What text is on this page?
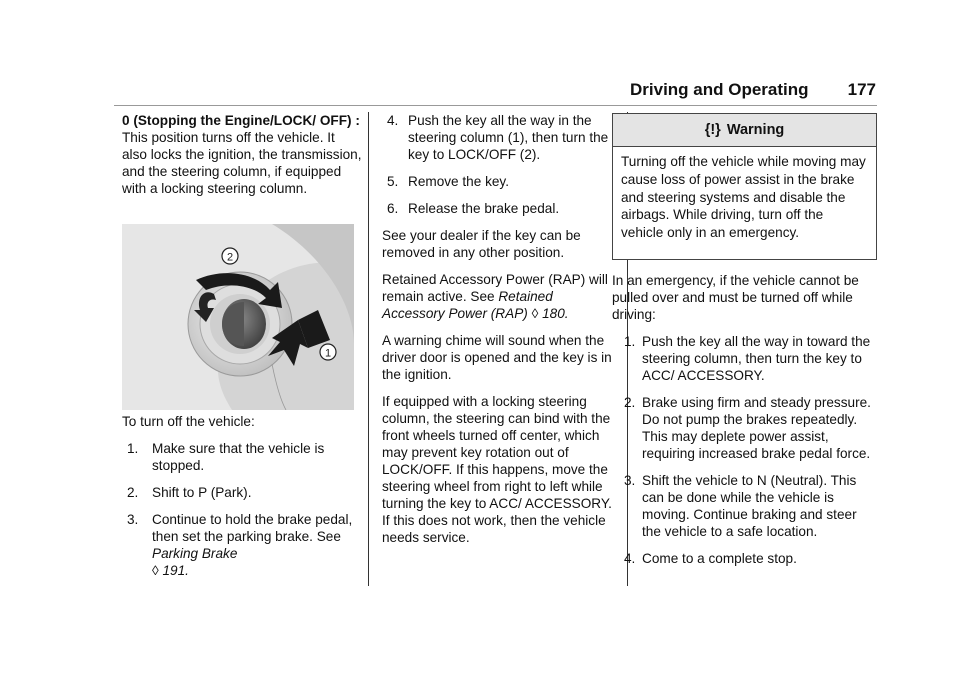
Driving and Operating 177

0 (Stopping the Engine/LOCK/ OFF) : This position turns off the vehicle. It also locks the ignition, the transmission, and the steering column, if equipped with a locking steering column.

2
1

To turn off the vehicle:

1. Make sure that the vehicle is stopped.
2. Shift to P (Park).
3. Continue to hold the brake pedal, then set the parking brake. See Parking Brake
◊ 191.
4. Push the key all the way in the steering column (1), then turn the key to LOCK/OFF (2).
5. Remove the key.
6. Release the brake pedal.

See your dealer if the key can be removed in any other position.

Retained Accessory Power (RAP) will remain active. See Retained Accessory Power (RAP) ◊ 180.

A warning chime will sound when the driver door is opened and the key is in the ignition.

If equipped with a locking steering column, the steering can bind with the front wheels turned off center, which may prevent key rotation out of LOCK/OFF. If this happens, move the steering wheel from right to left while turning the key to ACC/ ACCESSORY. If this does not work, then the vehicle needs service.

{!} Warning
Turning off the vehicle while moving may cause loss of power assist in the brake and steering systems and disable the airbags. While driving, turn off the vehicle only in an emergency.

In an emergency, if the vehicle cannot be pulled over and must be turned off while driving:

1. Push the key all the way in toward the steering column, then turn the key to ACC/ ACCESSORY.
2. Brake using firm and steady pressure. Do not pump the brakes repeatedly. This may deplete power assist, requiring increased brake pedal force.
3. Shift the vehicle to N (Neutral). This can be done while the vehicle is moving. Continue braking and steer the vehicle to a safe location.
4. Come to a complete stop.
